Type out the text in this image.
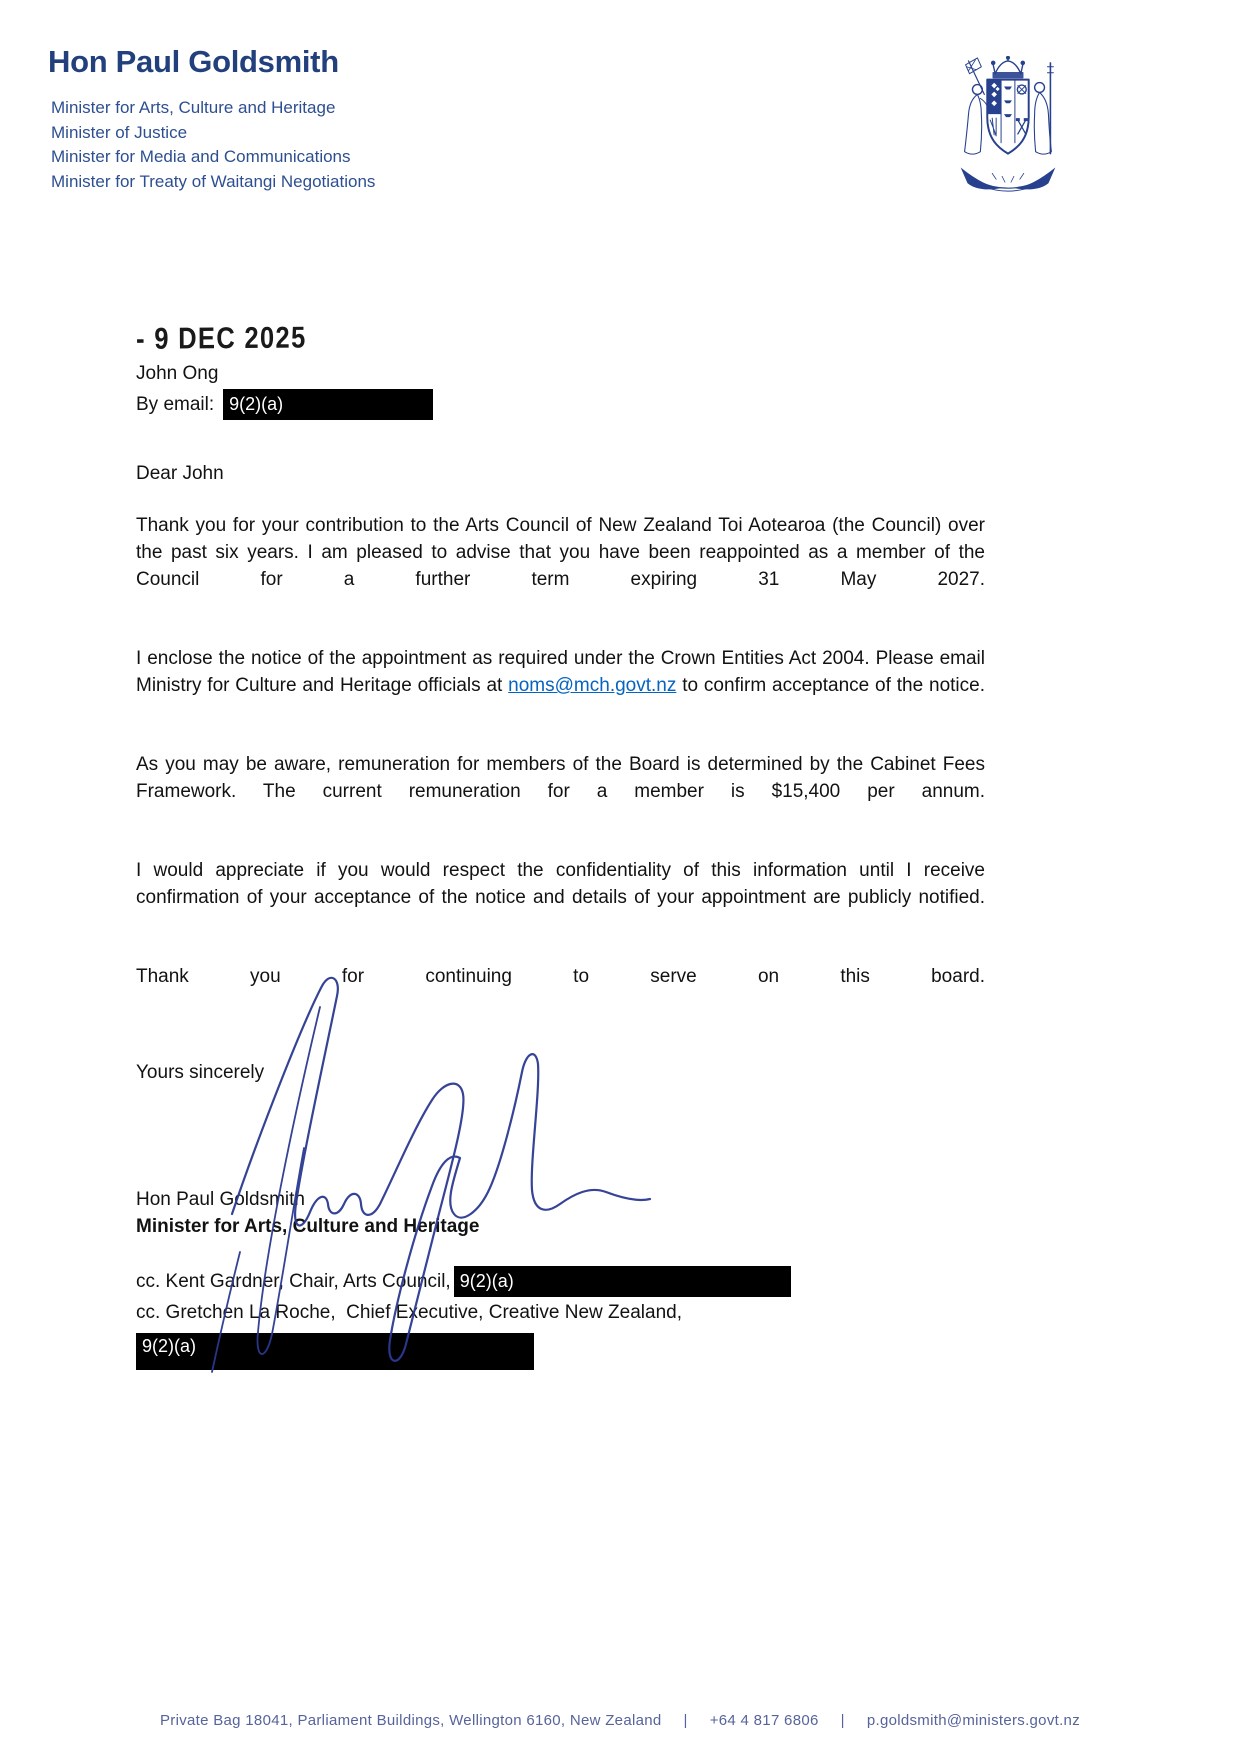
Hon Paul Goldsmith
Minister for Arts, Culture and Heritage
Minister of Justice
Minister for Media and Communications
Minister for Treaty of Waitangi Negotiations
- 9 DEC 2025
John Ong
By email: 9(2)(a)
Dear John

Thank you for your contribution to the Arts Council of New Zealand Toi Aotearoa (the Council) over the past six years. I am pleased to advise that you have been reappointed as a member of the Council for a further term expiring 31 May 2027.

I enclose the notice of the appointment as required under the Crown Entities Act 2004. Please email Ministry for Culture and Heritage officials at noms@mch.govt.nz to confirm acceptance of the notice.

As you may be aware, remuneration for members of the Board is determined by the Cabinet Fees Framework. The current remuneration for a member is $15,400 per annum.

I would appreciate if you would respect the confidentiality of this information until I receive confirmation of your acceptance of the notice and details of your appointment are publicly notified.

Thank you for continuing to serve on this board.

Yours sincerely
Hon Paul Goldsmith
Minister for Arts, Culture and Heritage
cc. Kent Gardner, Chair, Arts Council, 9(2)(a)
cc. Gretchen La Roche,  Chief Executive, Creative New Zealand,
9(2)(a)
Private Bag 18041, Parliament Buildings, Wellington 6160, New Zealand | +64 4 817 6806 | p.goldsmith@ministers.govt.nz
